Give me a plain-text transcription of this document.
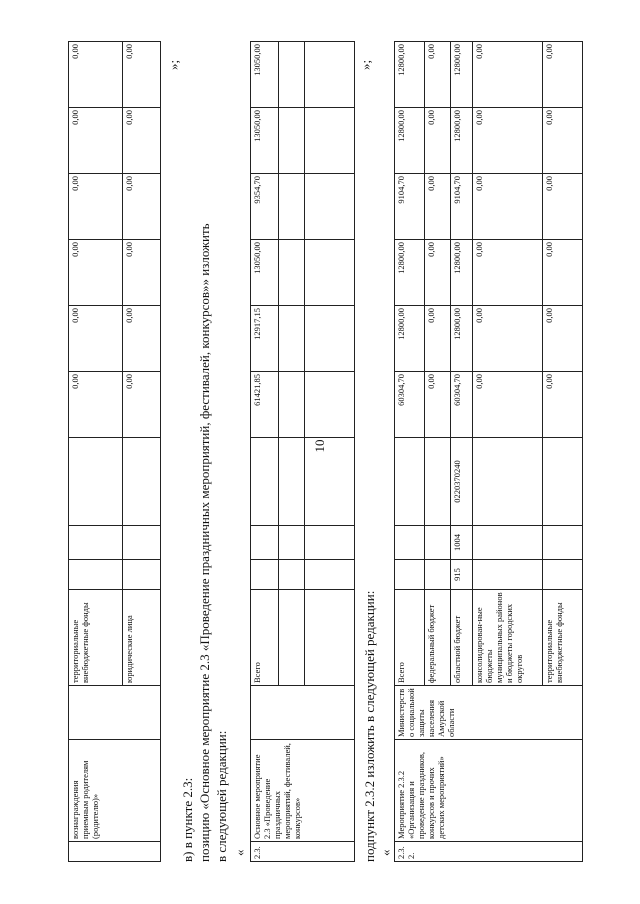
10
	вознаграждения приемным родителям (родителю)»		территориальные внебюджетные фонды				0,00	0,00	0,00	0,00	0,00	0,00
			юридические лица				0,00	0,00	0,00	0,00	0,00	0,00
»;
в) в пункте 2.3: позицию «Основное мероприятие 2.3 «Проведение праздничных мероприятий, фестивалей, конкурсов»» изложить в следующей редакции: « 2.3.	Основное мероприятие 2.3 «Проведение праздничных мероприятий, фестивалей, конкурсов»		Всего				61421,85	12917,15	13050,00	9354,70	13050,00	13050,00

										»;
подпункт 2.3.2 изложить в следующей редакции: « 2.3.2.	Мероприятие 2.3.2 «Организация и проведение праздников, конкурсов и прочих детских мероприятий»	Министерство социальной защиты населения Амурской области	Всего				60304,70	12800,00	12800,00	9104,70	12800,00	12800,00
			федеральный бюджет				0,00	0,00	0,00	0,00	0,00	0,00
			областной бюджет	915	1004	0220370240	60304,70	12800,00	12800,00	9104,70	12800,00	12800,00
			консолидирован-ные бюджеты муниципальных районов и бюджеты городских округов				0,00	0,00	0,00	0,00	0,00	0,00
			территориальные внебюджетные фонды				0,00	0,00	0,00	0,00	0,00	0,00
